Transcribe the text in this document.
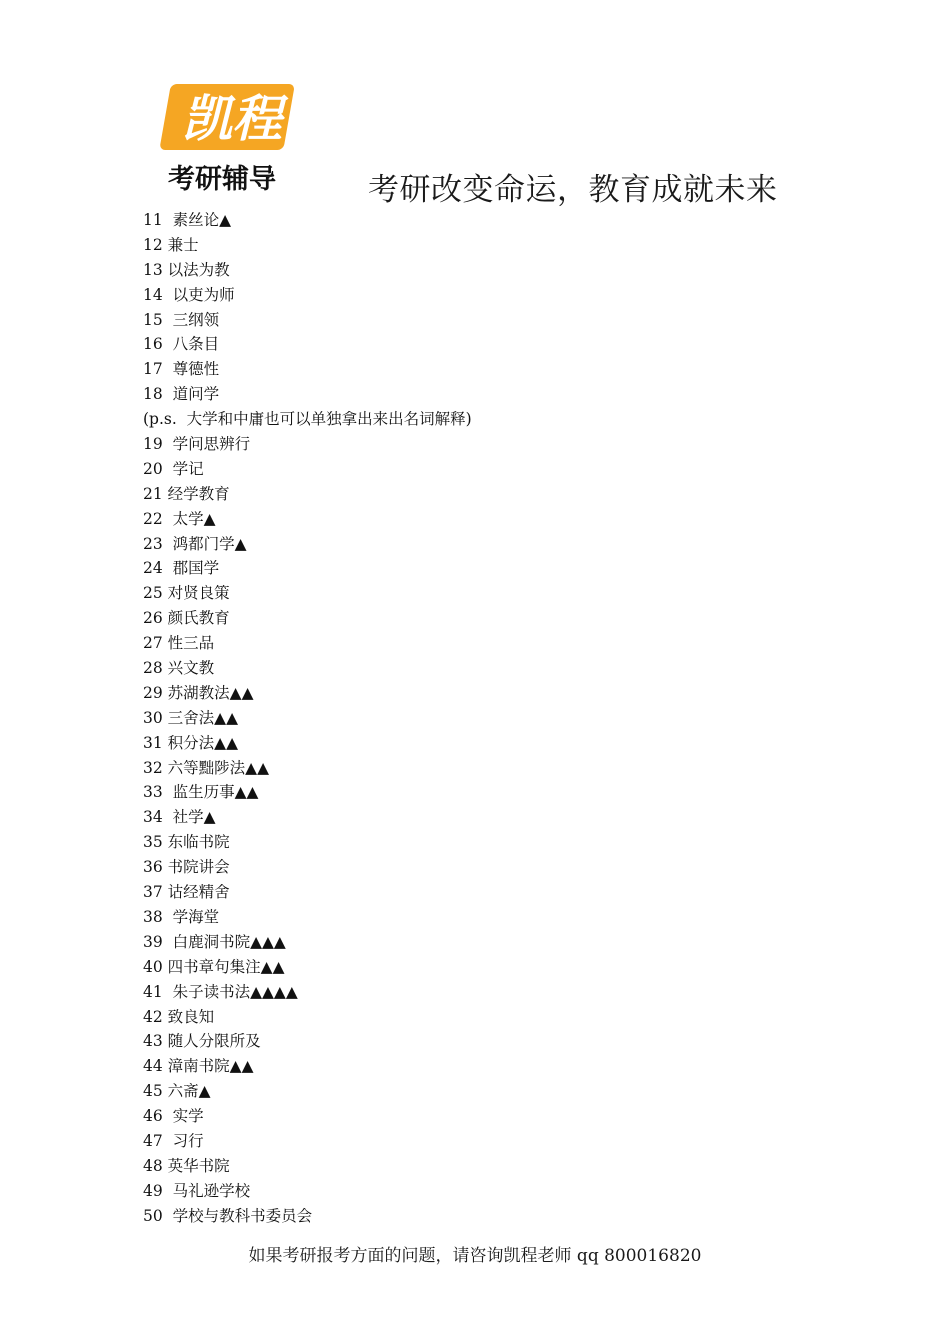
凯程
考研辅导	考研改变命运，教育成就未来
11  素丝论▲
12 兼士
13 以法为教
14  以吏为师
15  三纲领
16  八条目
17  尊德性
18  道问学
(p.s.  大学和中庸也可以单独拿出来出名词解释)
19  学问思辨行
20  学记
21 经学教育
22  太学▲
23  鸿都门学▲
24  郡国学
25 对贤良策
26 颜氏教育
27 性三品
28 兴文教
29 苏湖教法▲▲
30 三舍法▲▲
31 积分法▲▲
32 六等黜陟法▲▲
33  监生历事▲▲
34  社学▲
35 东临书院
36 书院讲会
37 诂经精舍
38  学海堂
39  白鹿洞书院▲▲▲
40 四书章句集注▲▲
41  朱子读书法▲▲▲▲
42 致良知
43 随人分限所及
44 漳南书院▲▲
45 六斋▲
46  实学
47  习行
48 英华书院
49  马礼逊学校
50  学校与教科书委员会
如果考研报考方面的问题，请咨询凯程老师 qq 800016820
